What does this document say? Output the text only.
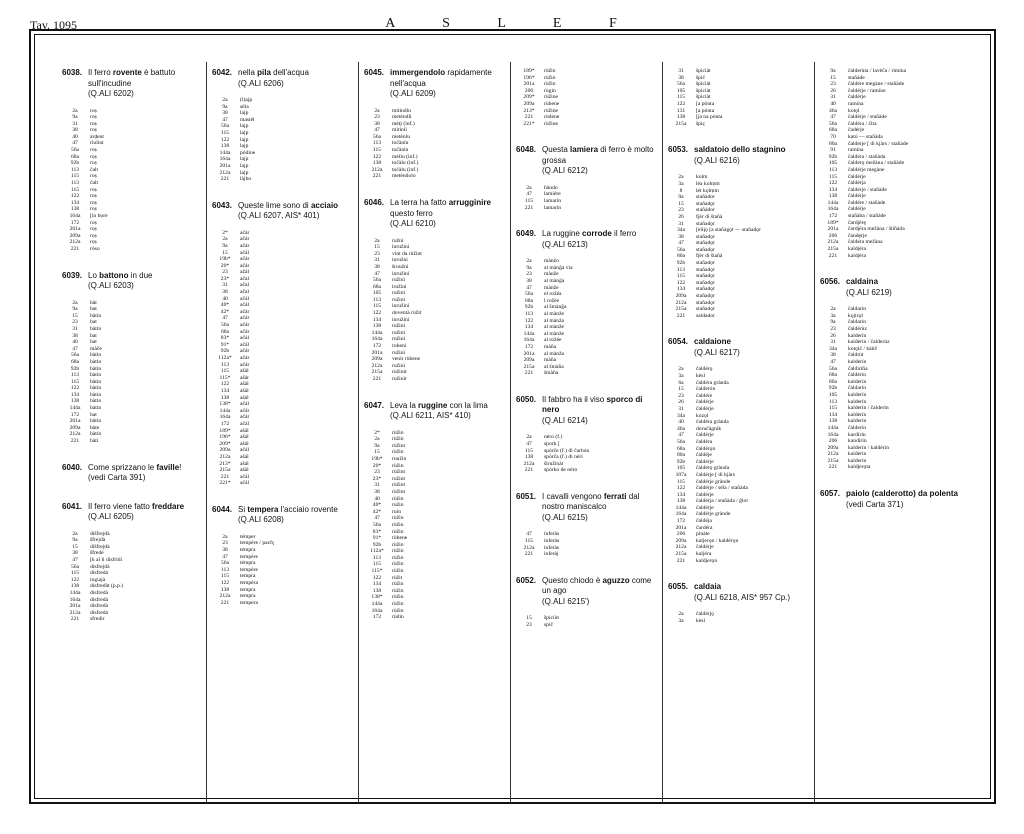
Tav. 1095	A S L E F
6038. Il ferro rovente è battuto sull'incudine
(Q.ALI 6202)
2a	roṣ
9a	roṣ
31	roṣ
38	roṣ
40	arḍ̣ent
47	riulint
56a	roṣ
68a	rọṣ
92b	roṣ
113	čalt
115	roṣ
113	čalt
115	roṣ
122	roṣ
134	roṣ
138	roṣ
164a	[in bọre
172	roṣ
201a	rọṣ
209a	rọṣ
212a	rọṣ
221	róso
6039. Lo battono in due
(Q.ALI 6203)
2a	bàt
9a	bat
15	bàtin
23	bat
31	bàtin
38	bat
40	bat
47	màče
56a	bàtin
68a	bàtin
92b	bàtin
113	bàtin
115	bàtin
122	bàtin
134	bàtin
138	bàtin
144a	bàtin
172	bat
201a	bàtin
209a	bàte
212a	bàtin
221	bàti
6040. Come sprizzano le faville!
(vedi Carta 391)
6041. Il ferro viene fatto freddare
(Q.ALI 6205)
2a	dišfrejdà
9a	šfrejdà
15	dišfrejdà
38	šfredé
47	[k al li disfridì
56a	disfrejdà
115	disfredà
122	ingiajà
138	disfredàt (p.p.)
144a	disfredà
164a	disfredà
201a	disfredà
212a	disfredà
221	sfredir
6042. nella pila dell'acqua
(Q.ALI 6206)
2a	(l)ajp
9a	sēla
38	lajp
47	mastèl
56a	lajp
115	lajp
122	lajp
138	lajp
144a	pódine
164a	lajp
201a	lajp
212a	lajp
221	làjbo
6043. Queste lime sono di acciaio
(Q.ALI 6207, AIS* 401)
2*	ačár
2a	ačár
9a	ačár
15	ačál
19b*	ačár
20*	ačár
23	ažál
23*	ačal
31	ačal
38	ačal
40	ačál
40*	ačál
42*	ačár
47	ačár
56a	ačár
68a	ačár
83*	ačál
91*	ačál
92b	ačár
112a*	ačár
113	ačár
115	ašál
115*	ašár
122	ašál
134	ašál
138	ašál
138*	ačál
144a	ačár
164a	ačár
172	ačál
189*	ašál
196*	ašál
209*	ašál
209a	ačál
212a	ašál
213*	ašál
215a	ašál
221	ačál
221*	ačál
6044. Si tempera l'acciaio rovente
(Q.ALI 6208)
2a	témper
23	tempère / parčç
38	témpra
47	tempère
56a	témpra
113	tempère
115	tempra
122	tempèra
138	tempra
212a	tempra
221	tempera
6045. immergendolo rapidamente nell'acqua
(Q.ALI 6209)
2a	mitindlu
23	metèndli
38	mèt̬l (inf.)
47	mitinli
56a	metènlu
113	točànlu
115	točànlu
122	mèllu (inf.)
138	točàlu (inf.)
212a	točàlu (inf.)
221	metèndolo
6046. La terra ha fatto arrugginire questo ferro
(Q.ALI 6210)
2a	ružnì
15	inružinì
23	vìnt da rùžint
31	inružnì
38	šruužni
47	inružinì
56a	ružinì
68a	iružinì
105	ružinì
113	ružinì
115	inružinì
122	doventà rùžit
134	inružinì
138	ružinì
144a	ružinì
164a	ružinì
172	rubenì
201a	ružinì
209a	venìr rùbene
212a	ružinì
215a	ružinìr
221	ružinìr
6047. Leva la ruggine con la lima
(Q.ALI 6211, AIS* 410)
2*	rùžin
2a	rùžin
9a	rùžint
15	rùžin
19b*	ruužin
20*	rùžin
23	rùžint
23*	ružint
31	rùžint
38	rùžint
40	rùžin
40*	ružin
42*	ruin
47	rùžin
56a	rùžin
83*	rùžin
91*	rùbene
92b	rùžin
112a*	rùžin
113	rùžin
115	rùžin
115*	rùžin
122	rùžit
134	rùžin
138	rùžin
138*	rùžin
144a	rùžin
164a	rùžin
172	rùdin
189*	rùžin
196*	rùžin
201a	rùžin
206	rùgin
209*	rùžine
209a	rùbene
213*	rùžine
221	rùdene
221*	rùžine
6048. Questa lamiera di ferro è molto grossa
(Q.ALI 6212)
2a	bàndo
47	lamière
115	lamarin
221	lamarin
6049. La ruggine corrode il ferro
(Q.ALI 6213)
2a	mànžo
9a	al mànğa via
23	mànže
38	al mànğa
47	mànže
56a	el rožéa
68a	l rožée
92b	al šmànğa
113	al mànže
122	al mànža
134	al mànže
144a	al mànže
164a	al rožée
172	màña
201a	al mànža
209a	màña
215a	al šmàña
221	šmàña
6050. Il fabbro ha il viso sporco di nero
(Q.ALI 6214)
2a	néro (f.)
47	spork [
115	spòrče (f.) di čarbón
138	spòrča (f.) di nèri
212a	šlružinàt
221	spórko de néro
6051. I cavalli vengono ferrati dal nostro maniscalco
(Q.ALI 6215)
47	inferàs
115	inferàs
212a	inferàs
221	inferàj
6052. Questo chiodo è aguzzo come un ago
(Q.ALI 6215')
15	špiciùt
23	spič
31	špiciàt
38	špič
56a	špiciàt
105	špiciàt
115	špiciàt
122	[a pónta
131	[a pónta
138	[ja na pónta
215a	špiç
6053. saldatoio dello stagnino
(Q.ALI 6216)
2a	kolm
3a	léa kolṃm
8	lét kǫlṃm
9a	stañàdor
15	stañadǫr
23	stañàdor
26	fjèr di štañà
31	stañadǫr
34a	[eìlįǫ [a stañàgǫt — stañadǫr
38	stañadǫr
47	stañadǫr
56a	stañadǫr
80a	fjèr di štañà
92b	stañadǫr
113	stañadǫr
115	stañadǫr
122	stañadǫr
134	stañadǫr
209a	stañadǫr
212a	stañadǫr
215a	stañadǫr
221	saldador
6054. caldaione
(Q.ALI 6217)
2a	čaldérǫ
3a	kèsl
6a	čaldéra grànda
15	čalderón
23	čaldére
26	čaldérje
31	čaldérje
34a	kozǫl
40	čaldéra grànda
46a	doručàgnik
47	čaldérje
56a	čaldéra
68a	čaldérǫn
80a	čaldéje
92b	čaldérje
105	čaldérǫ grànda
107a	čaldérje [ di kjàrs
115	čaldérje grànde
122	čaldérje / séla / stañàda
134	čaldérje
138	čaldérja / stañàda / ğlot
144a	čaldérje
164a	čaldérje grànde
172	čaldéja
201a	čardéra
206	pinàte
209a	kaljerǫn / kaldérǫn
212a	čaldérje
215a	kaljéra
221	kaldjerǫn
6055. caldaia
(Q.ALI 6218, AIS* 957 Cp.)
2a	čaldérjǫ
3a	kèsl
9a	čalderùta / lavèča / rimína
15	stañàde
23	čaldére megàne / stañàde
26	čaldérje / ramíne
31	čaldérje
40	ramína
46a	kotǫl
47	čaldérje / stañàde
56a	čaldéra / čita
68a	čadérje
70	katú — stañàda
80a	čaldérje [ di kjàrs / stañàde
91	ramina
92b	čaldéra / stañàda
105	čalderǫ mežàna / stañàde
113	čaldérje megàne
115	čaldérje
122	čaldérja
134	čaldérje / stañàde
138	čaldérje
144a	čaldére / stañàde
164a	čaldérje
172	stañàba / stañàde
189*	čardjérę
201a	čardjéra mežàna / štiñàda
206	čandęrje
212a	čaldéra mežàna
215a	kaldjéra
221	kaldjéra
6056. caldaina
(Q.ALI 6219)
2a	čaldarín
3a	kǫjtrǫl
9a	čaldarín
23	čaldérùz
26	kalderín
31	kalderín / čalderùz
34a	kotǫlč / kàtìč
38	čaldrùt
47	kalderín
56a	čaldiríňa
68a	čaldérin
80a	kalderín
92b	čaldarín
105	kalderín
113	kalderín
115	kalderín / čalderìn
134	kalderín
138	kalderín
144a	čalderín
164a	kardirín
206	kandirín
209a	kalderín / kaldérin
212a	kalderín
215a	kalderín
221	kaldjerǫta
6057. paiolo (calderotto) da polenta
(vedi Carta 371)
